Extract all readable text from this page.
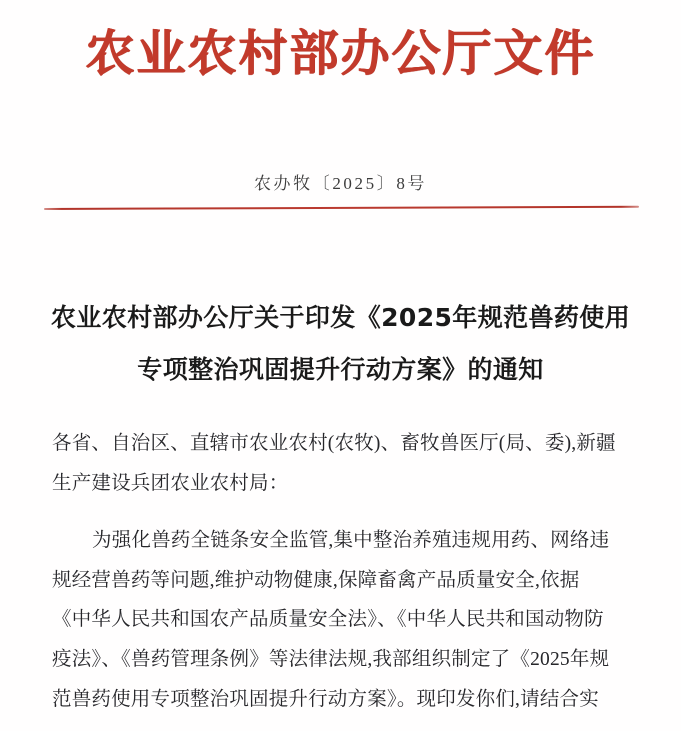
农业农村部办公厅文件
农办牧〔2025〕8号
农业农村部办公厅关于印发《2025年规范兽药使用
专项整治巩固提升行动方案》的通知
各省、自治区、直辖市农业农村(农牧)、畜牧兽医厅(局、委),新疆
生产建设兵团农业农村局：
为强化兽药全链条安全监管,集中整治养殖违规用药、网络违
规经营兽药等问题,维护动物健康,保障畜禽产品质量安全,依据
《中华人民共和国农产品质量安全法》、《中华人民共和国动物防
疫法》、《兽药管理条例》等法律法规,我部组织制定了《2025年规
范兽药使用专项整治巩固提升行动方案》。现印发你们,请结合实
